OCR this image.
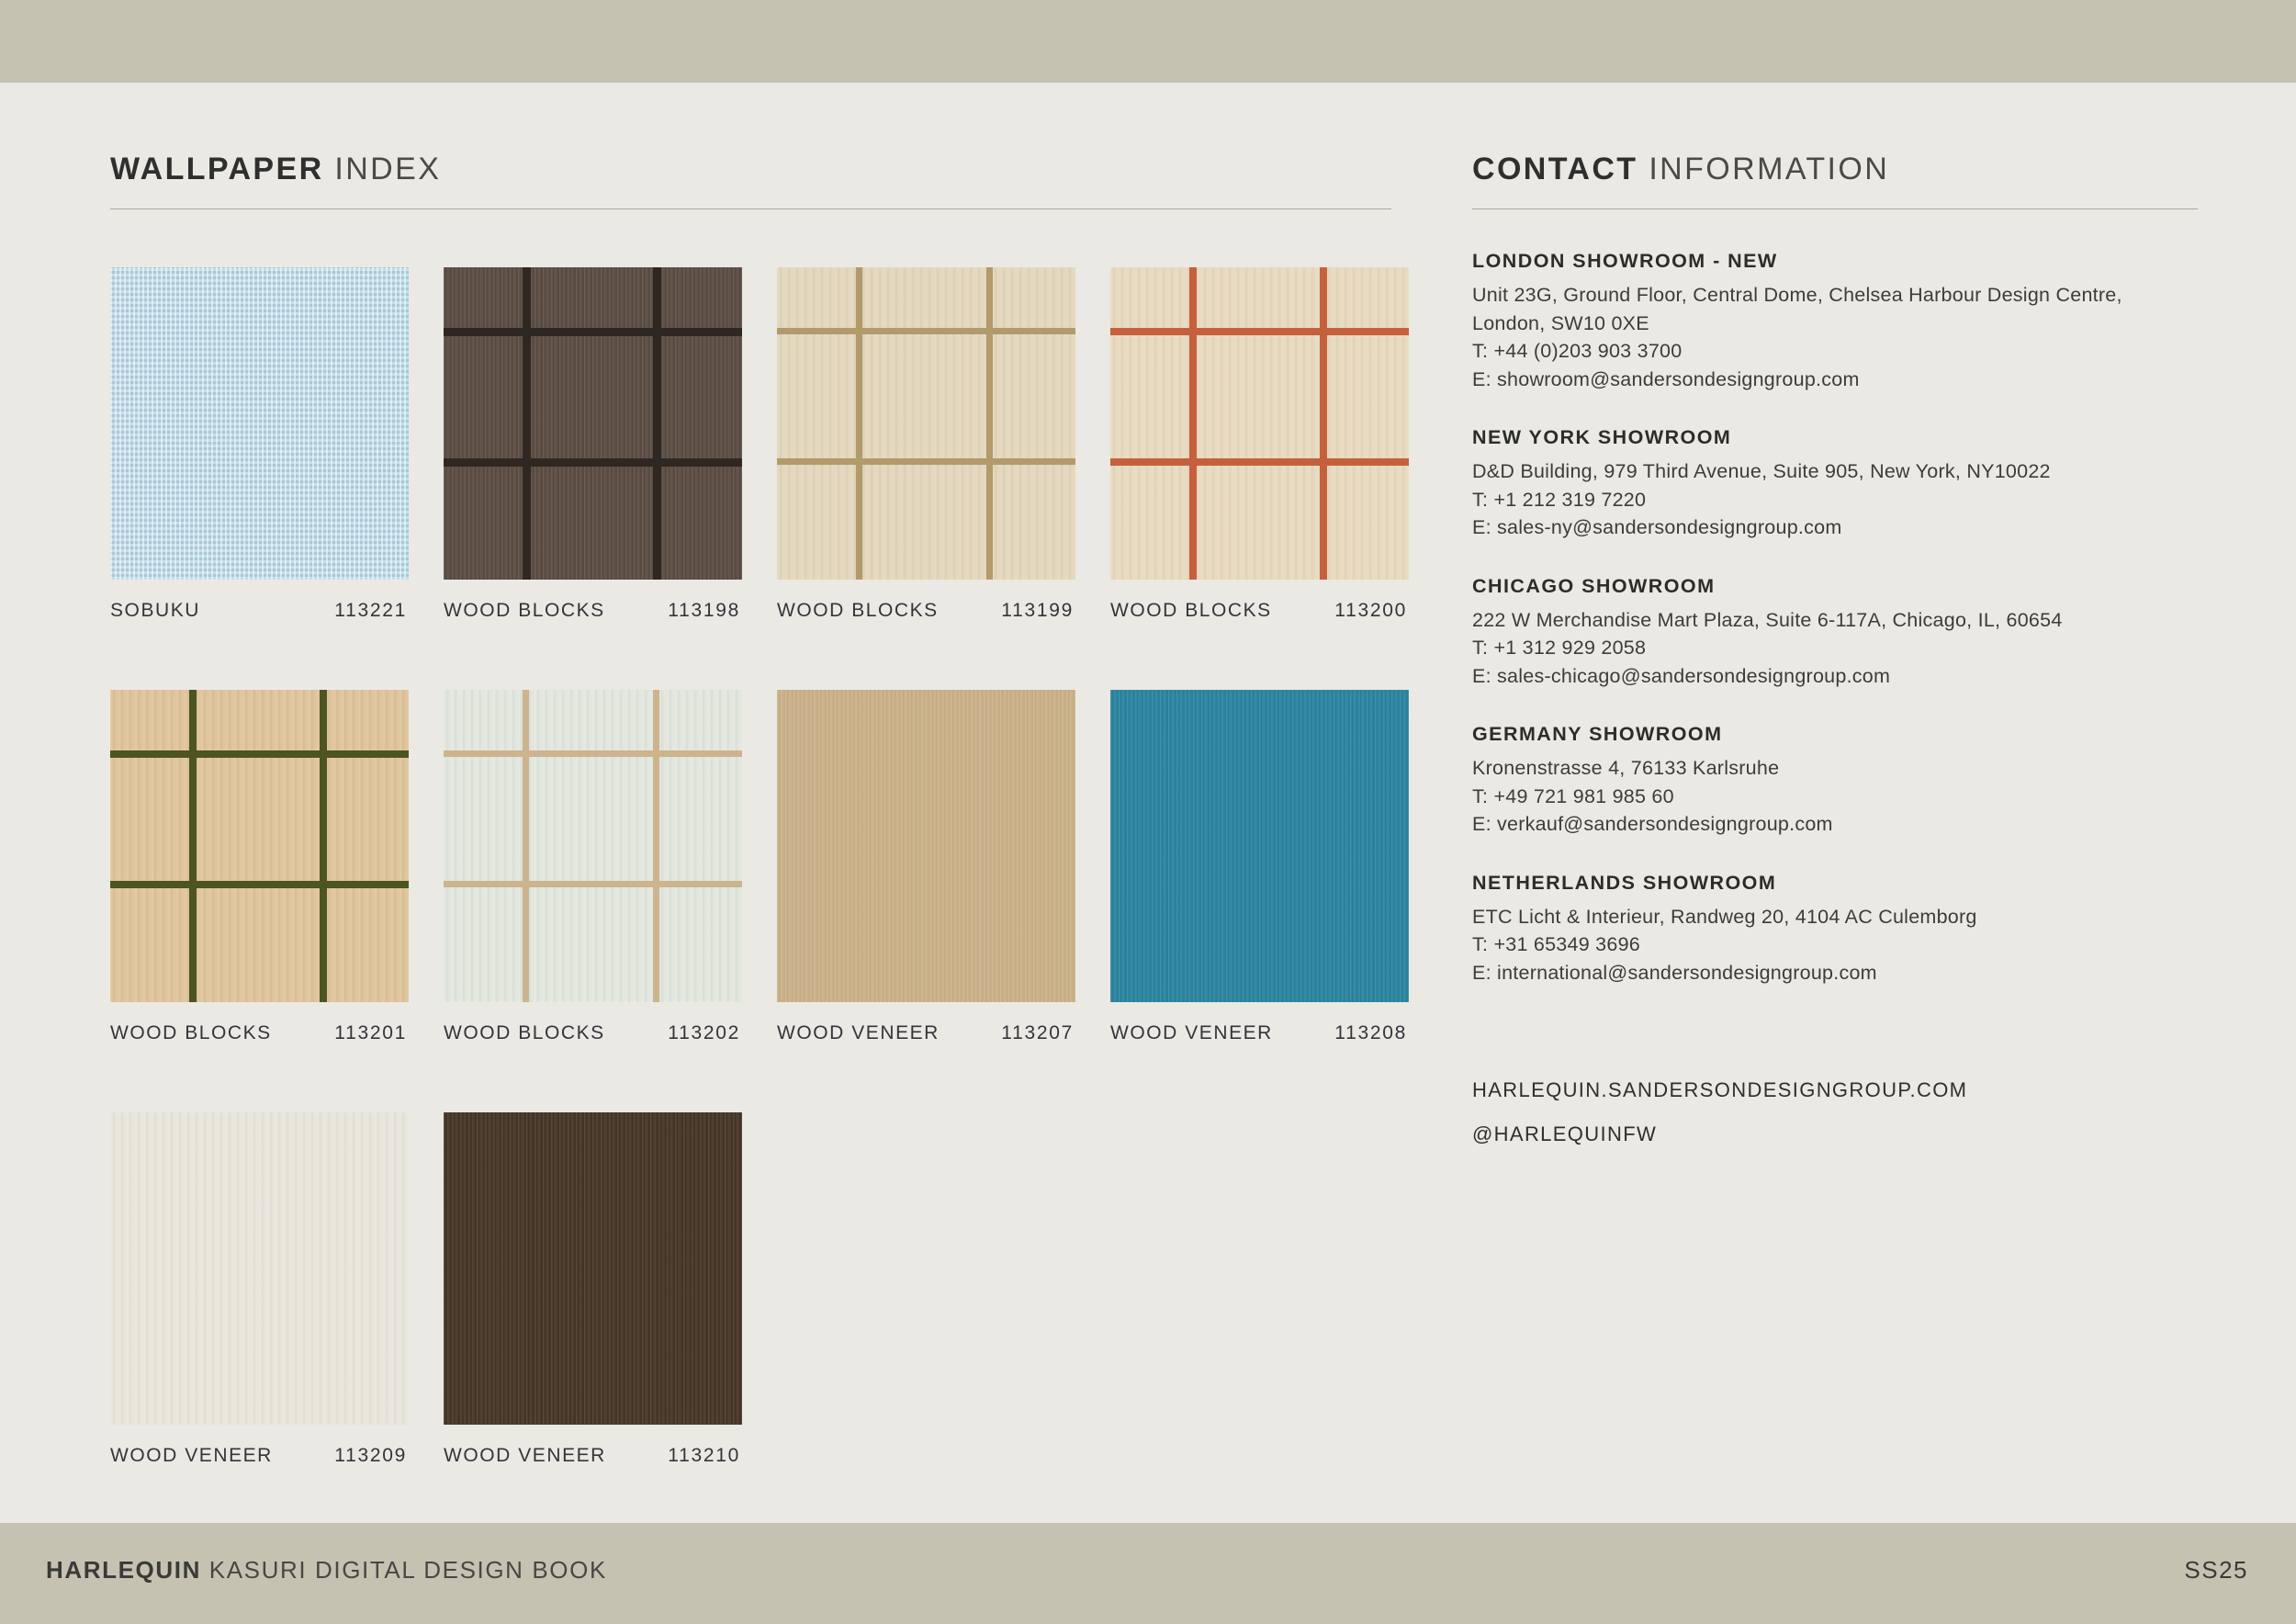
WALLPAPER INDEX
SOBUKU	113221 WOOD BLOCKS	113198 WOOD BLOCKS	113199 WOOD BLOCKS	113200
WOOD BLOCKS	113201 WOOD BLOCKS	113202 WOOD VENEER	113207 WOOD VENEER	113208
WOOD VENEER	113209 WOOD VENEER	113210
CONTACT INFORMATION
LONDON SHOWROOM - NEW
Unit 23G, Ground Floor, Central Dome, Chelsea Harbour Design Centre,
London, SW10 0XE
T: +44 (0)203 903 3700
E: showroom@sandersondesigngroup.com
NEW YORK SHOWROOM
D&D Building, 979 Third Avenue, Suite 905, New York, NY10022
T: +1 212 319 7220
E: sales-ny@sandersondesigngroup.com
CHICAGO SHOWROOM
222 W Merchandise Mart Plaza, Suite 6-117A, Chicago, IL, 60654
T: +1 312 929 2058
E: sales-chicago@sandersondesigngroup.com
GERMANY SHOWROOM
Kronenstrasse 4, 76133 Karlsruhe
T: +49 721 981 985 60
E: verkauf@sandersondesigngroup.com
NETHERLANDS SHOWROOM
ETC Licht & Interieur, Randweg 20, 4104 AC Culemborg
T: +31 65349 3696
E: international@sandersondesigngroup.com
HARLEQUIN.SANDERSONDESIGNGROUP.COM
@HARLEQUINFW
HARLEQUIN KASURI DIGITAL DESIGN BOOK	SS25
